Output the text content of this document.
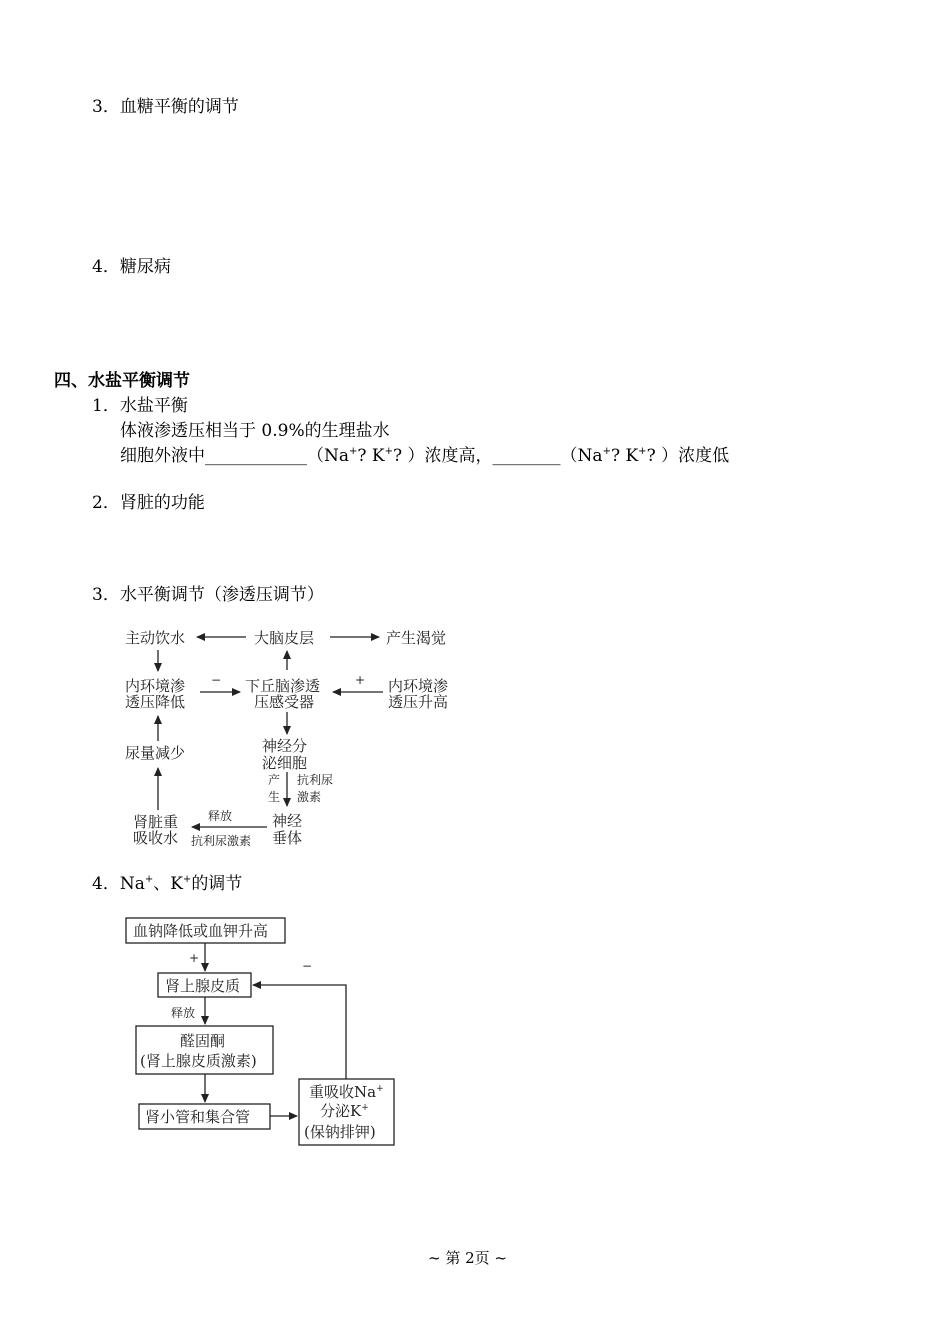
3．血糖平衡的调节
4．糖尿病
四、水盐平衡调节
1．水盐平衡
体液渗透压相当于 0.9%的生理盐水
细胞外液中____________（Na+? K+? ）浓度高，________（Na+? K+? ）浓度低
2．肾脏的功能
3．水平衡调节（渗透压调节）
主动饮水	大脑皮层	产生渴觉
内环境渗
透压降低
下丘脑渗透
压感受器
内环境渗
透压升高
−	+
尿量减少	神经分
泌细胞
产
生
抗利尿
激素
肾脏重
吸收水
释放
抗利尿激素
神经
垂体
血钠降低或血钾升高
+
−
肾上腺皮质
释放
醛固酮
(肾上腺皮质激素)
肾小管和集合管
重吸收Na+
分泌K+
(保钠排钾)
4．Na+、K+的调节
~ 第 2页 ~
